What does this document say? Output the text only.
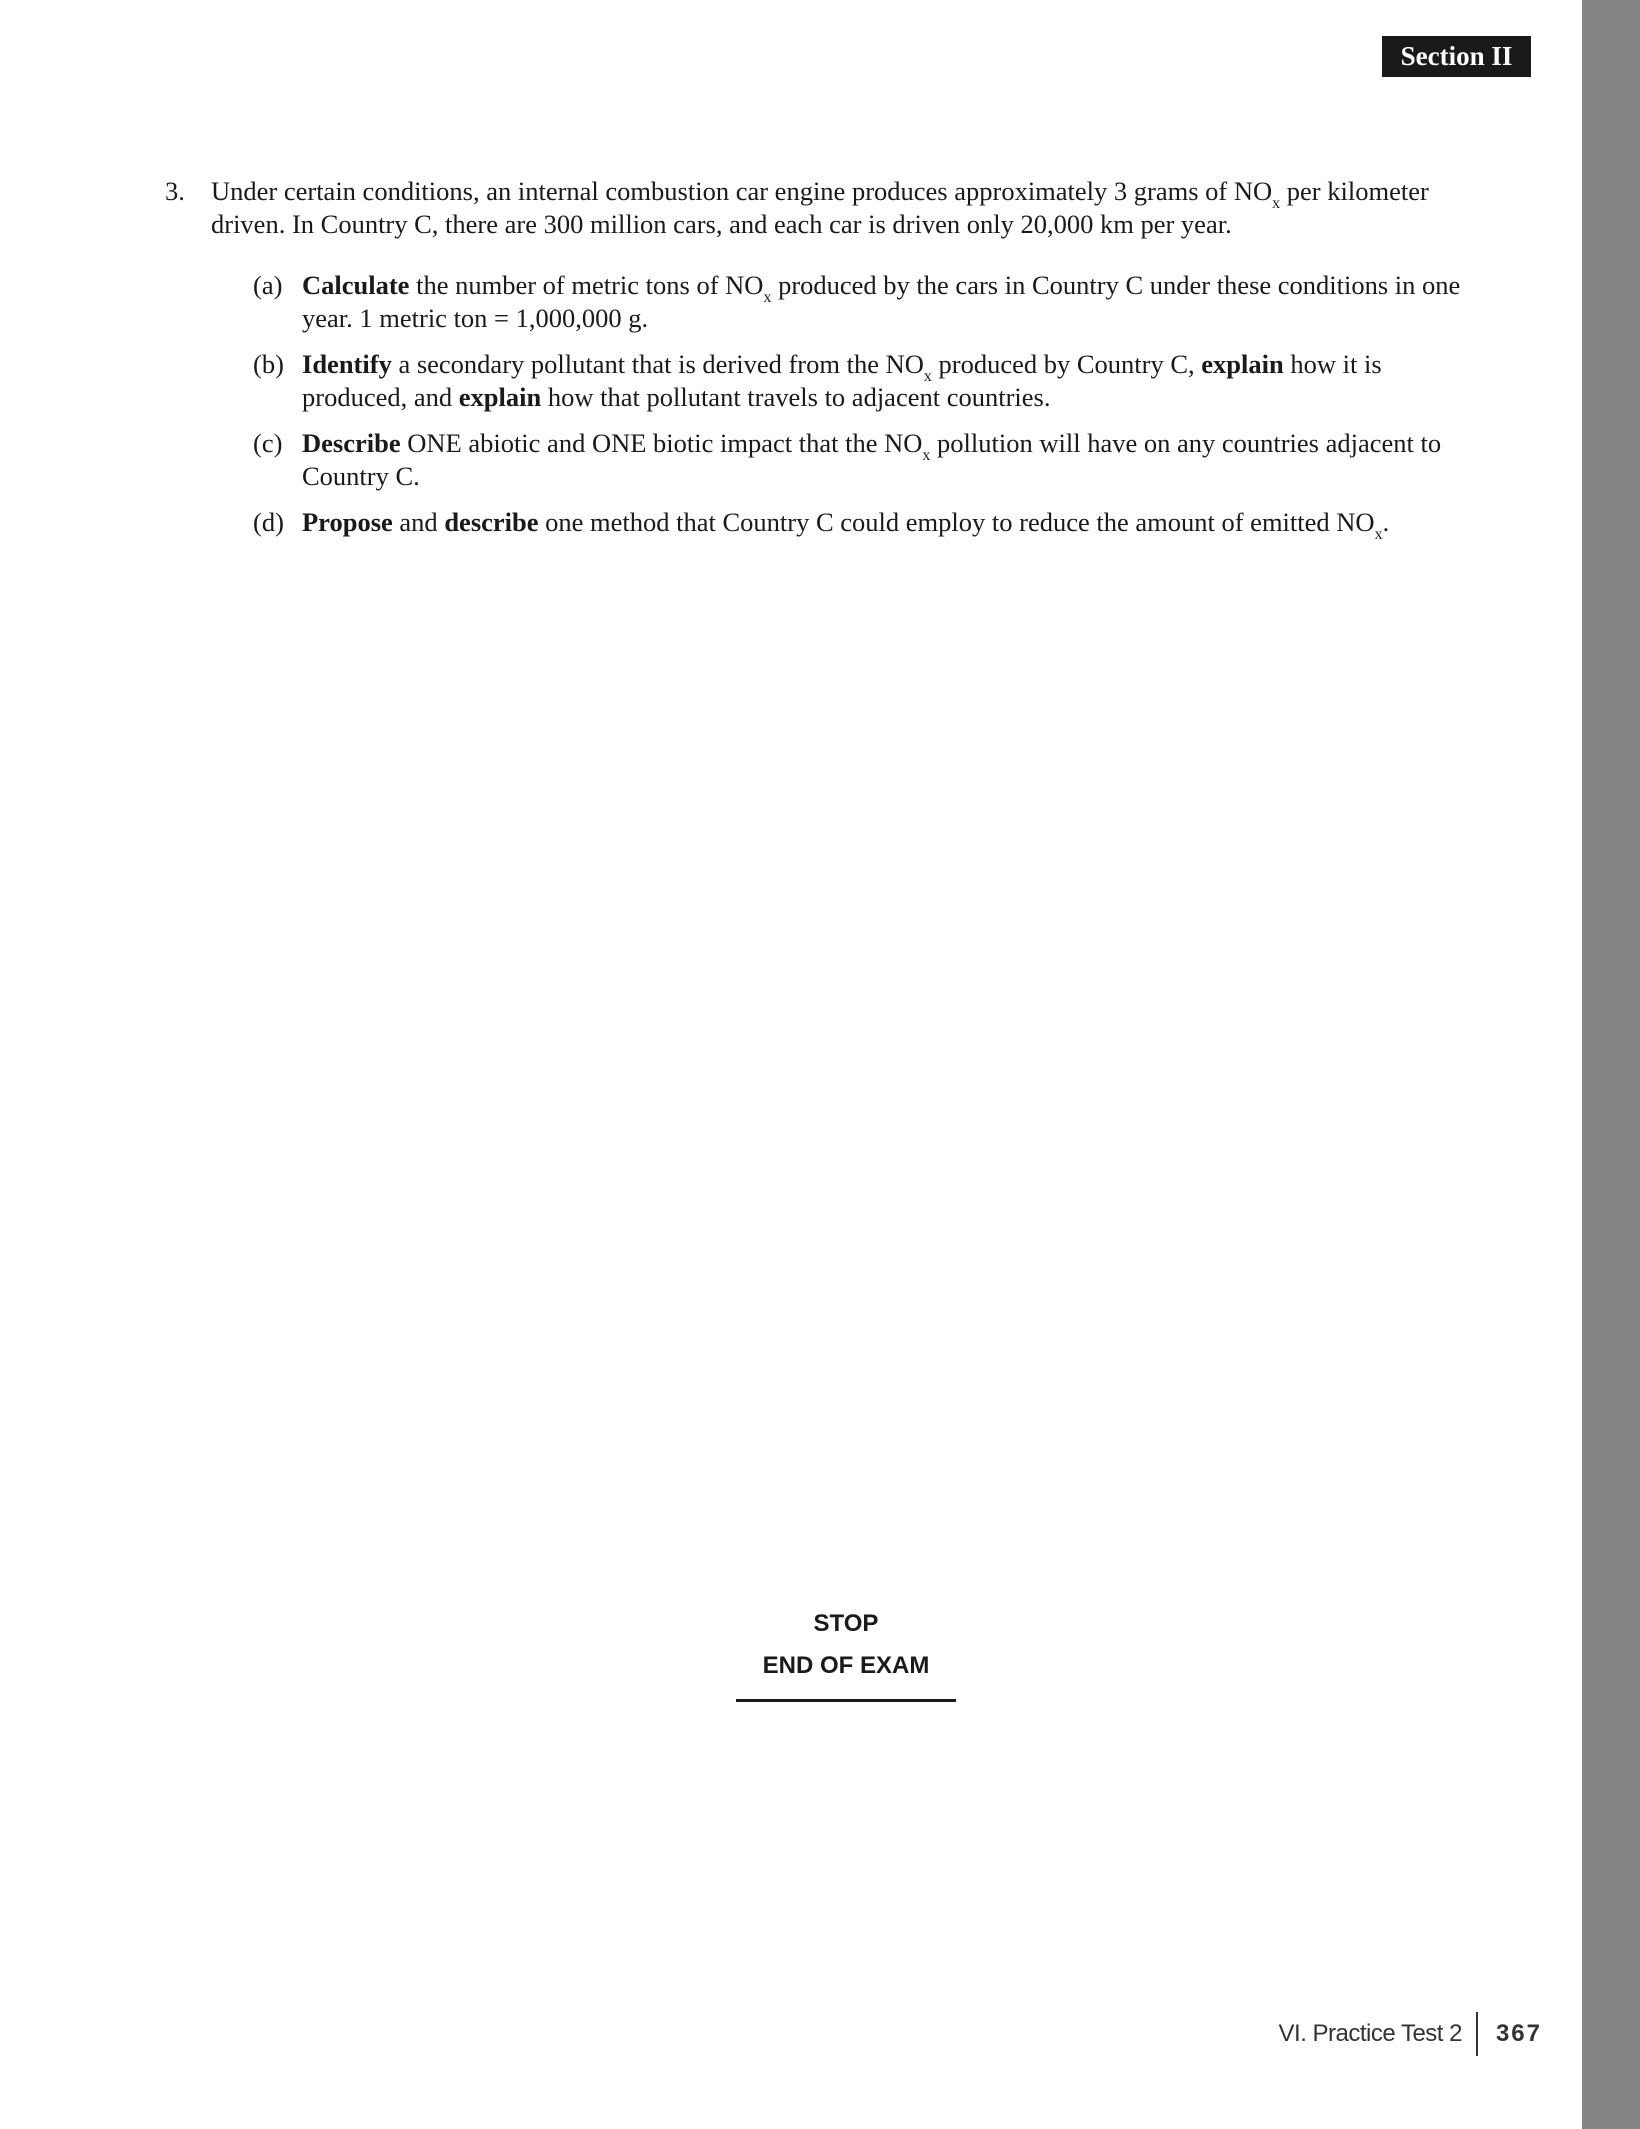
Section II
3. Under certain conditions, an internal combustion car engine produces approximately 3 grams of $NO_x$ per kilometer driven. In Country C, there are 300 million cars, and each car is driven only 20,000 km per year.
(a) Calculate the number of metric tons of $NO_x$ produced by the cars in Country C under these conditions in one year. 1 metric ton = 1,000,000 g.
(b) Identify a secondary pollutant that is derived from the $NO_x$ produced by Country C, explain how it is produced, and explain how that pollutant travels to adjacent countries.
(c) Describe ONE abiotic and ONE biotic impact that the $NO_x$ pollution will have on any countries adjacent to Country C.
(d) Propose and describe one method that Country C could employ to reduce the amount of emitted $NO_x$.
STOP
END OF EXAM
VI. Practice Test 2 367
